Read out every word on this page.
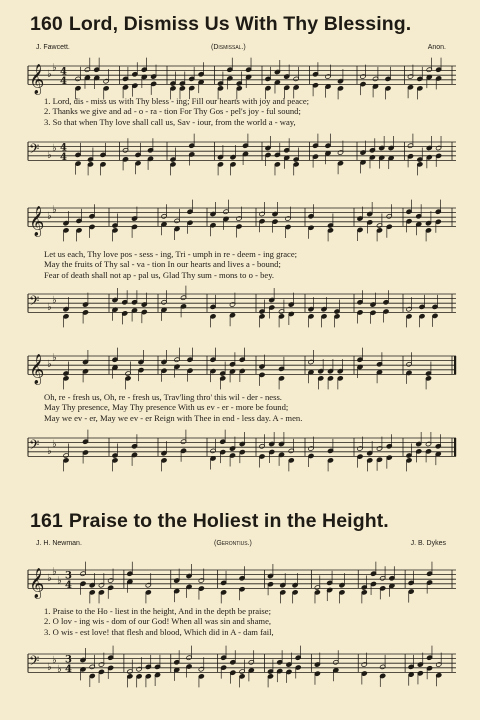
160 Lord, Dismiss Us With Thy Blessing.
J. Fawcett.	(Dismissal.)	Anon.
𝄞 ♭
♭ 4
4
1. Lord, dis - miss us with Thy bless - ing; Fill our hearts with joy and peace;
2. Thanks we give and ad - o - ra - tion For Thy Gos - pel's joy - ful sound;
3. So that when Thy love shall call us, Sav - iour, from the world a - way,
𝄢 ♭
♭ 4
4
𝄞 ♭
♭
Let us each, Thy love pos - sess - ing, Tri - umph in re - deem - ing grace;
May the fruits of Thy sal - va - tion In our hearts and lives a - bound;
Fear of death shall not ap - pal us, Glad Thy sum - mons to o - bey.
𝄢 ♭
♭
𝄞 ♭
♭
Oh, re - fresh us, Oh, re - fresh us, Trav'ling thro' this wil - der - ness.
May Thy presence, May Thy presence With us ev - er - more be found;
May we ev - er, May we ev - er Reign with Thee in end - less day. A - men.
𝄢 ♭
♭
161 Praise to the Holiest in the Height.
J. H. Newman.	(Gerontius.)	J. B. Dykes
𝄞 ♭
♭
♭ 3
4
1. Praise to the Ho - liest in the height, And in the depth be praise;
2. O lov - ing wis - dom of our God! When all was sin and shame,
3. O wis - est love! that flesh and blood, Which did in A - dam fail,
𝄢 ♭
♭
♭
3
4
